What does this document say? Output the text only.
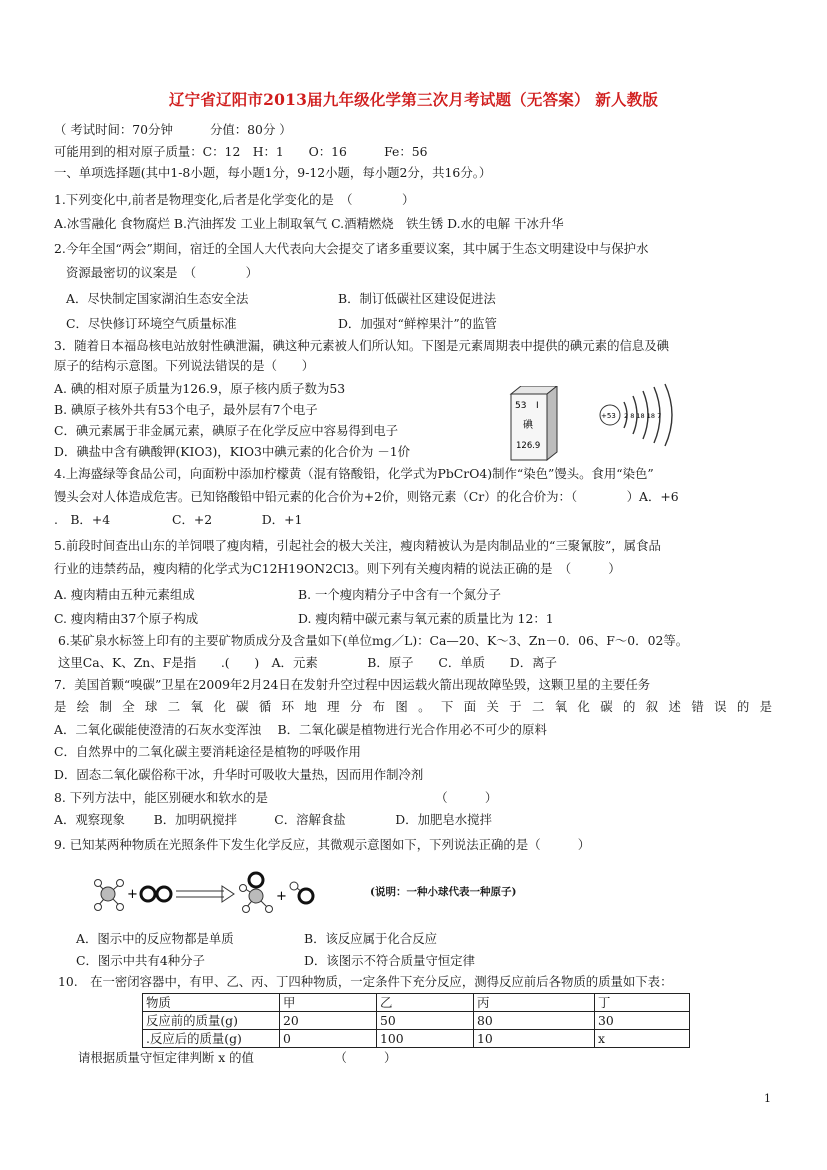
辽宁省辽阳市2013届九年级化学第三次月考试题（无答案） 新人教版
（ 考试时间：70分钟　　　分值：80分 ）
可能用到的相对原子质量：C：12　H：1　　O：16　　　Fe：56
一、单项选择题(其中1-8小题，每小题1分，9-12小题，每小题2分，共16分。）
1.下列变化中,前者是物理变化,后者是化学变化的是　（　　　　）
A.冰雪融化 食物腐烂 B.汽油挥发 工业上制取氧气 C.酒精燃烧　铁生锈 D.水的电解 干冰升华
2.今年全国“两会”期间，宿迁的全国人大代表向大会提交了诸多重要议案，其中属于生态文明建设中与保护水
资源最密切的议案是　（　　　　）
A．尽快制定国家湖泊生态安全法	B．制订低碳社区建设促进法
C．尽快修订环境空气质量标准	D．加强对“鲜榨果汁”的监管
3．随着日本福岛核电站放射性碘泄漏，碘这种元素被人们所认知。下图是元素周期表中提供的碘元素的信息及碘
原子的结构示意图。下列说法错误的是（　　）
A. 碘的相对原子质量为126.9，原子核内质子数为53
B. 碘原子核外共有53个电子，最外层有7个电子
C．碘元素属于非金属元素，碘原子在化学反应中容易得到电子
D．碘盐中含有碘酸钾(KIO3)，KIO3中碘元素的化合价为 －1价
53 I
碘
126.9
+53 2 8 18 18 7
4.上海盛绿等食品公司，向面粉中添加柠檬黄（混有铬酸铅，化学式为PbCrO4)制作“染色”馒头。食用“染色”
馒头会对人体造成危害。已知铬酸铅中铅元素的化合价为+2价，则铬元素（Cr）的化合价为：（　　　　）A．+6
.　B．+4　　　　　C．+2　　　　D．+1
5.前段时间查出山东的羊饲喂了瘦肉精，引起社会的极大关注，瘦肉精被认为是肉制品业的“三聚氰胺”，属食品
行业的违禁药品，瘦肉精的化学式为C12H19ON2Cl3。则下列有关瘦肉精的说法正确的是　（　　　）
A. 瘦肉精由五种元素组成	B. 一个瘦肉精分子中含有一个氮分子
C. 瘦肉精由37个原子构成	D. 瘦肉精中碳元素与氧元素的质量比为 12：1
6.某矿泉水标签上印有的主要矿物质成分及含量如下(单位mg／L)：Ca—20、K～3、Zn－0．06、F～0．02等。
这里Ca、K、Zn、F是指　　.(　　)　A．元素　　　　B．原子　　C．单质　　D．离子
7．美国首颗“嗅碳”卫星在2009年2月24日在发射升空过程中因运载火箭出现故障坠毁，这颗卫星的主要任务
是绘制全球二氧化碳循环地理分布图。下面关于二氧化碳的叙述错误的是
A．二氧化碳能使澄清的石灰水变浑浊　 B．二氧化碳是植物进行光合作用必不可少的原料
C．自然界中的二氧化碳主要消耗途径是植物的呼吸作用
D．固态二氧化碳俗称干冰，升华时可吸收大量热，因而用作制冷剂
8. 下列方法中，能区别硬水和软水的是　　　　　　　　　　　　　　（　　　）
A．观察现象　　 B．加明矾搅拌　　　C．溶解食盐　　　　D．加肥皂水搅拌
9. 已知某两种物质在光照条件下发生化学反应，其微观示意图如下，下列说法正确的是（　　　）
+	+	(说明：一种小球代表一种原子)
A．图示中的反应物都是单质	B．该反应属于化合反应
C．图示中共有4种分子	D．该图示不符合质量守恒定律
10.　在一密闭容器中，有甲、乙、丙、丁四种物质，一定条件下充分反应，测得反应前后各物质的质量如下表：
物质	甲	乙	丙	丁
反应前的质量(g)	20	50	80	30
.反应后的质量(g)	0	100	10	x
请根据质量守恒定律判断 x 的值　　　　　　　（　　　）
1
